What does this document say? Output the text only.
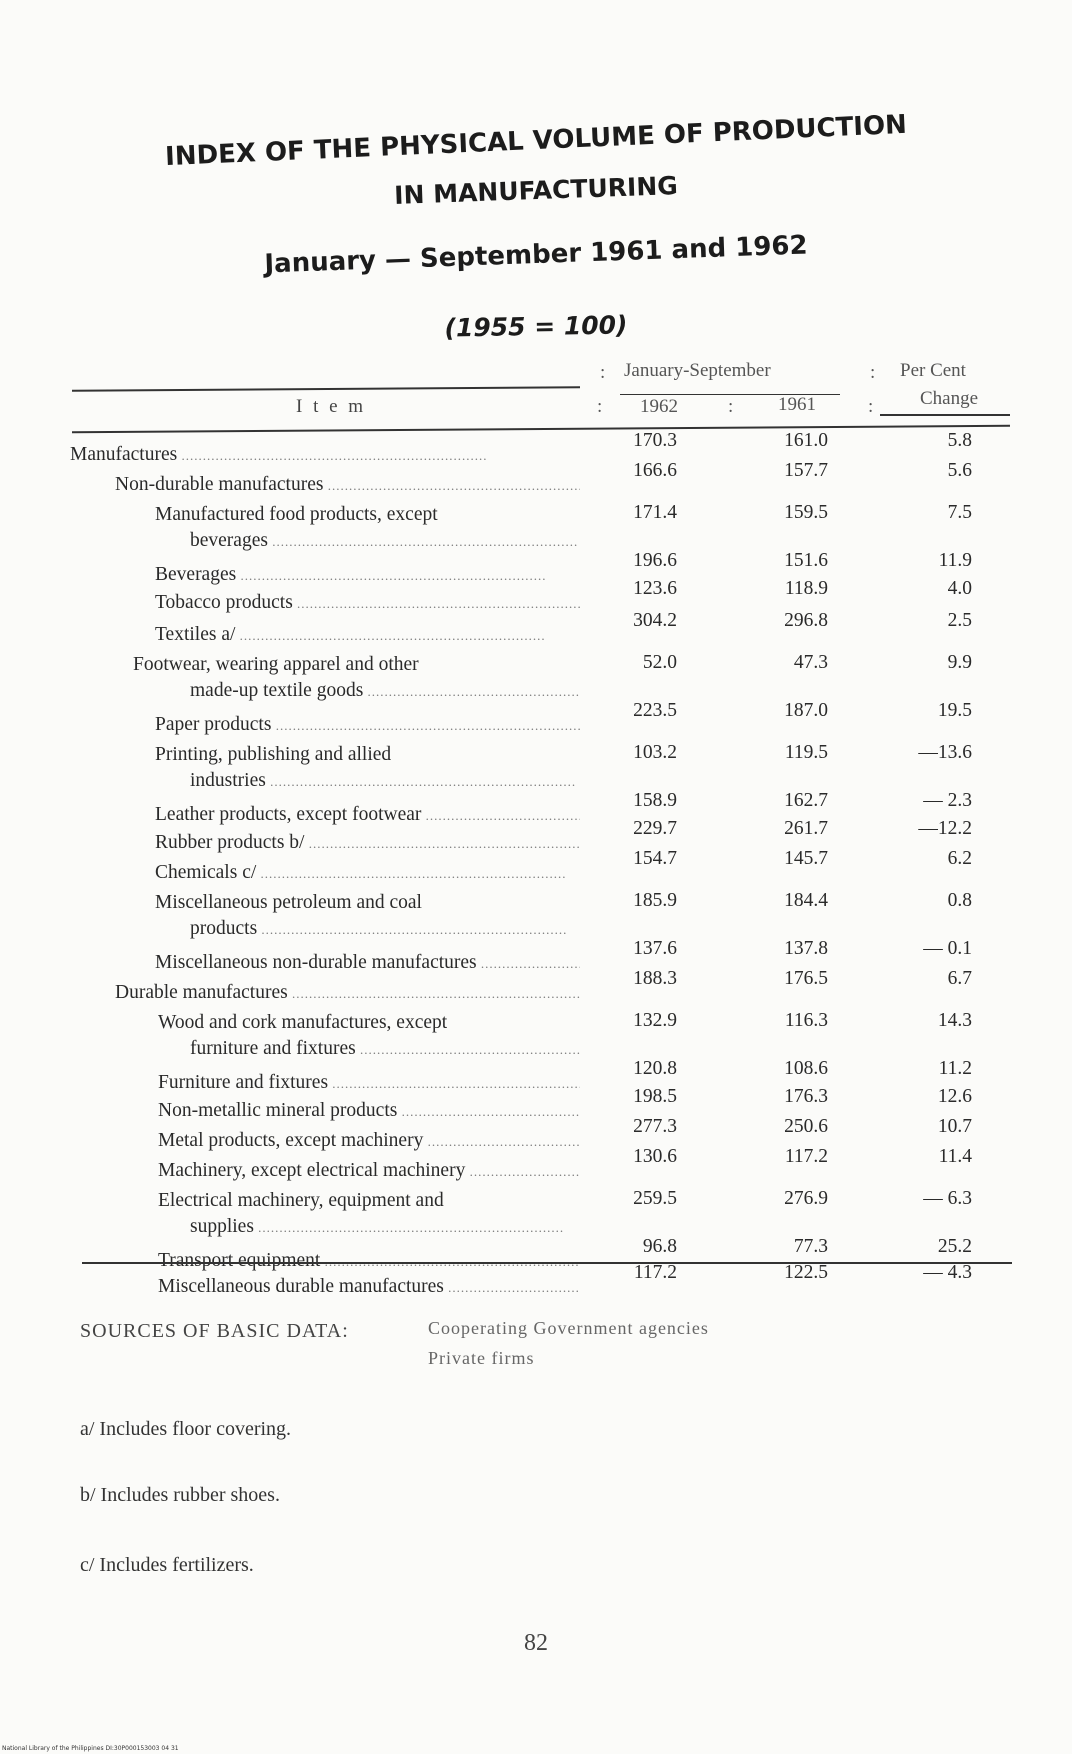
INDEX OF THE PHYSICAL VOLUME OF PRODUCTION
IN MANUFACTURING
January — September 1961 and 1962
(1955 = 100)
: January-September	: Per Cent
I t e m	: 1962	: 1961	: Change
Manufactures .....
170.3	161.0	5.8
Non-durable manufactures .....
166.6	157.7	5.6
Manufactured food products, except
beverages .....
171.4	159.5	7.5
Beverages .....
196.6	151.6	11.9
Tobacco products .....
123.6	118.9	4.0
Textiles a/ .....
304.2	296.8	2.5
Footwear, wearing apparel and other
made-up textile goods .....
52.0	47.3	9.9
Paper products .....
223.5	187.0	19.5
Printing, publishing and allied
industries .....
103.2	119.5	—13.6
Leather products, except footwear .....
158.9	162.7	— 2.3
Rubber products b/ .....
229.7	261.7	—12.2
Chemicals c/ .....
154.7	145.7	6.2
Miscellaneous petroleum and coal
products .....
185.9	184.4	0.8
Miscellaneous non-durable manufactures .....
137.6	137.8	— 0.1
Durable manufactures .....
188.3	176.5	6.7
Wood and cork manufactures, except
furniture and fixtures .....
132.9	116.3	14.3
Furniture and fixtures .....
120.8	108.6	11.2
Non-metallic mineral products .....
198.5	176.3	12.6
Metal products, except machinery .....
277.3	250.6	10.7
Machinery, except electrical machinery .....
130.6	117.2	11.4
Electrical machinery, equipment and
supplies .....
259.5	276.9	— 6.3
Transport equipment .....
96.8	77.3	25.2
Miscellaneous durable manufactures .....
117.2	122.5	— 4.3
SOURCES OF BASIC DATA:	Cooperating Government agencies
Private firms
a/ Includes floor covering.
b/ Includes rubber shoes.
c/ Includes fertilizers.
82
National Library of the Philippines DI:30P000153003 04 31
